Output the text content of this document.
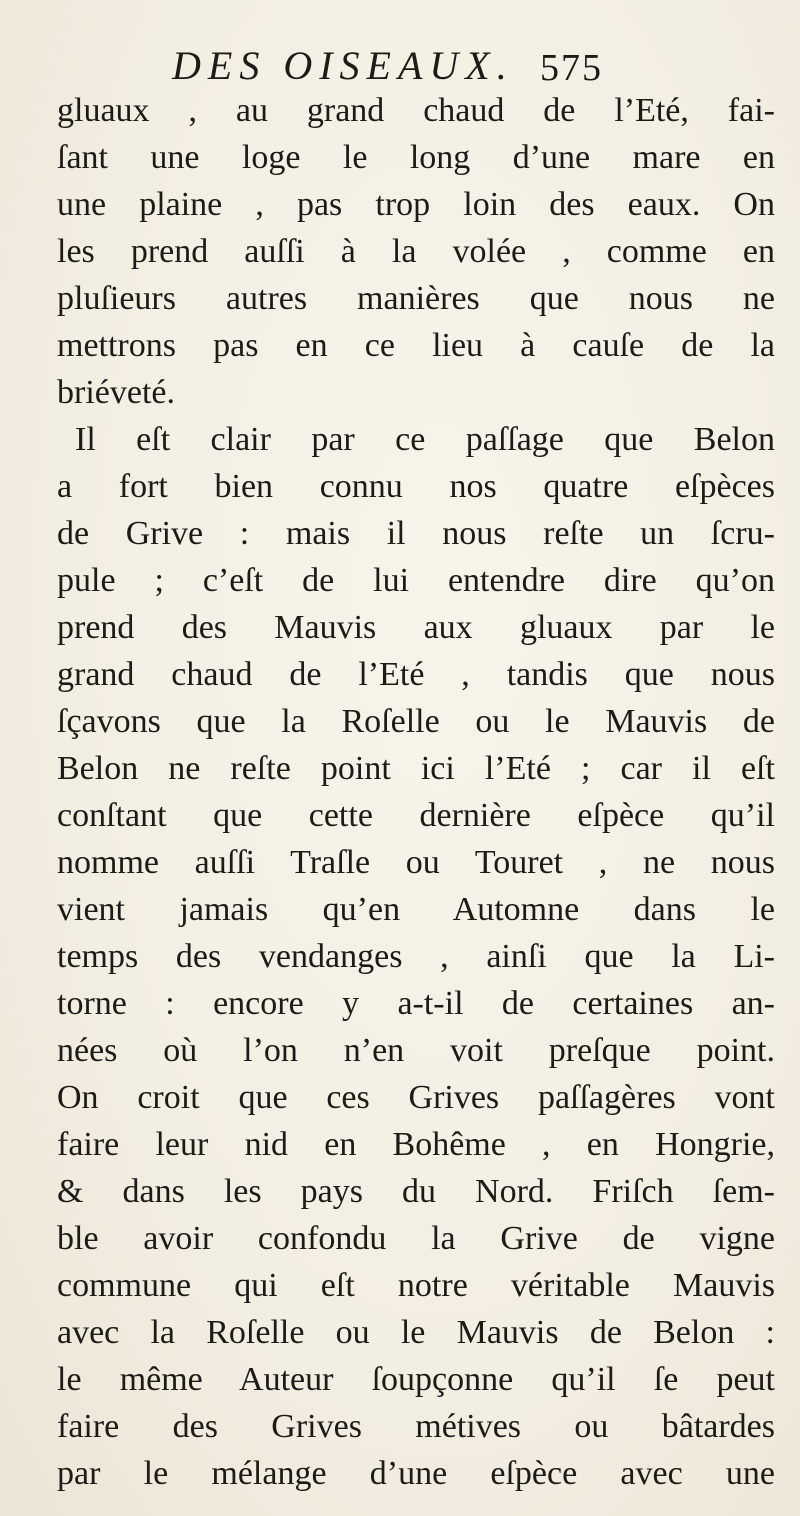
DES OISEAUX. 575
gluaux , au grand chaud de l’Eté, fai-
ſant une loge le long d’une mare en
une plaine , pas trop loin des eaux. On
les prend auſſi à la volée , comme en
pluſieurs autres manières que nous ne
mettrons pas en ce lieu à cauſe de la
briéveté.
Il eſt clair par ce paſſage que Belon
a fort bien connu nos quatre eſpèces
de Grive : mais il nous reſte un ſcru-
pule ; c’eſt de lui entendre dire qu’on
prend des Mauvis aux gluaux par le
grand chaud de l’Eté , tandis que nous
ſçavons que la Roſelle ou le Mauvis de
Belon ne reſte point ici l’Eté ; car il eſt
conſtant que cette dernière eſpèce qu’il
nomme auſſi Traſle ou Touret , ne nous
vient jamais qu’en Automne dans le
temps des vendanges , ainſi que la Li-
torne : encore y a-t-il de certaines an-
nées où l’on n’en voit preſque point.
On croit que ces Grives paſſagères vont
faire leur nid en Bohême , en Hongrie,
& dans les pays du Nord. Friſch ſem-
ble avoir confondu la Grive de vigne
commune qui eſt notre véritable Mauvis
avec la Roſelle ou le Mauvis de Belon :
le même Auteur ſoupçonne qu’il ſe peut
faire des Grives métives ou bâtardes
par le mélange d’une eſpèce avec une
